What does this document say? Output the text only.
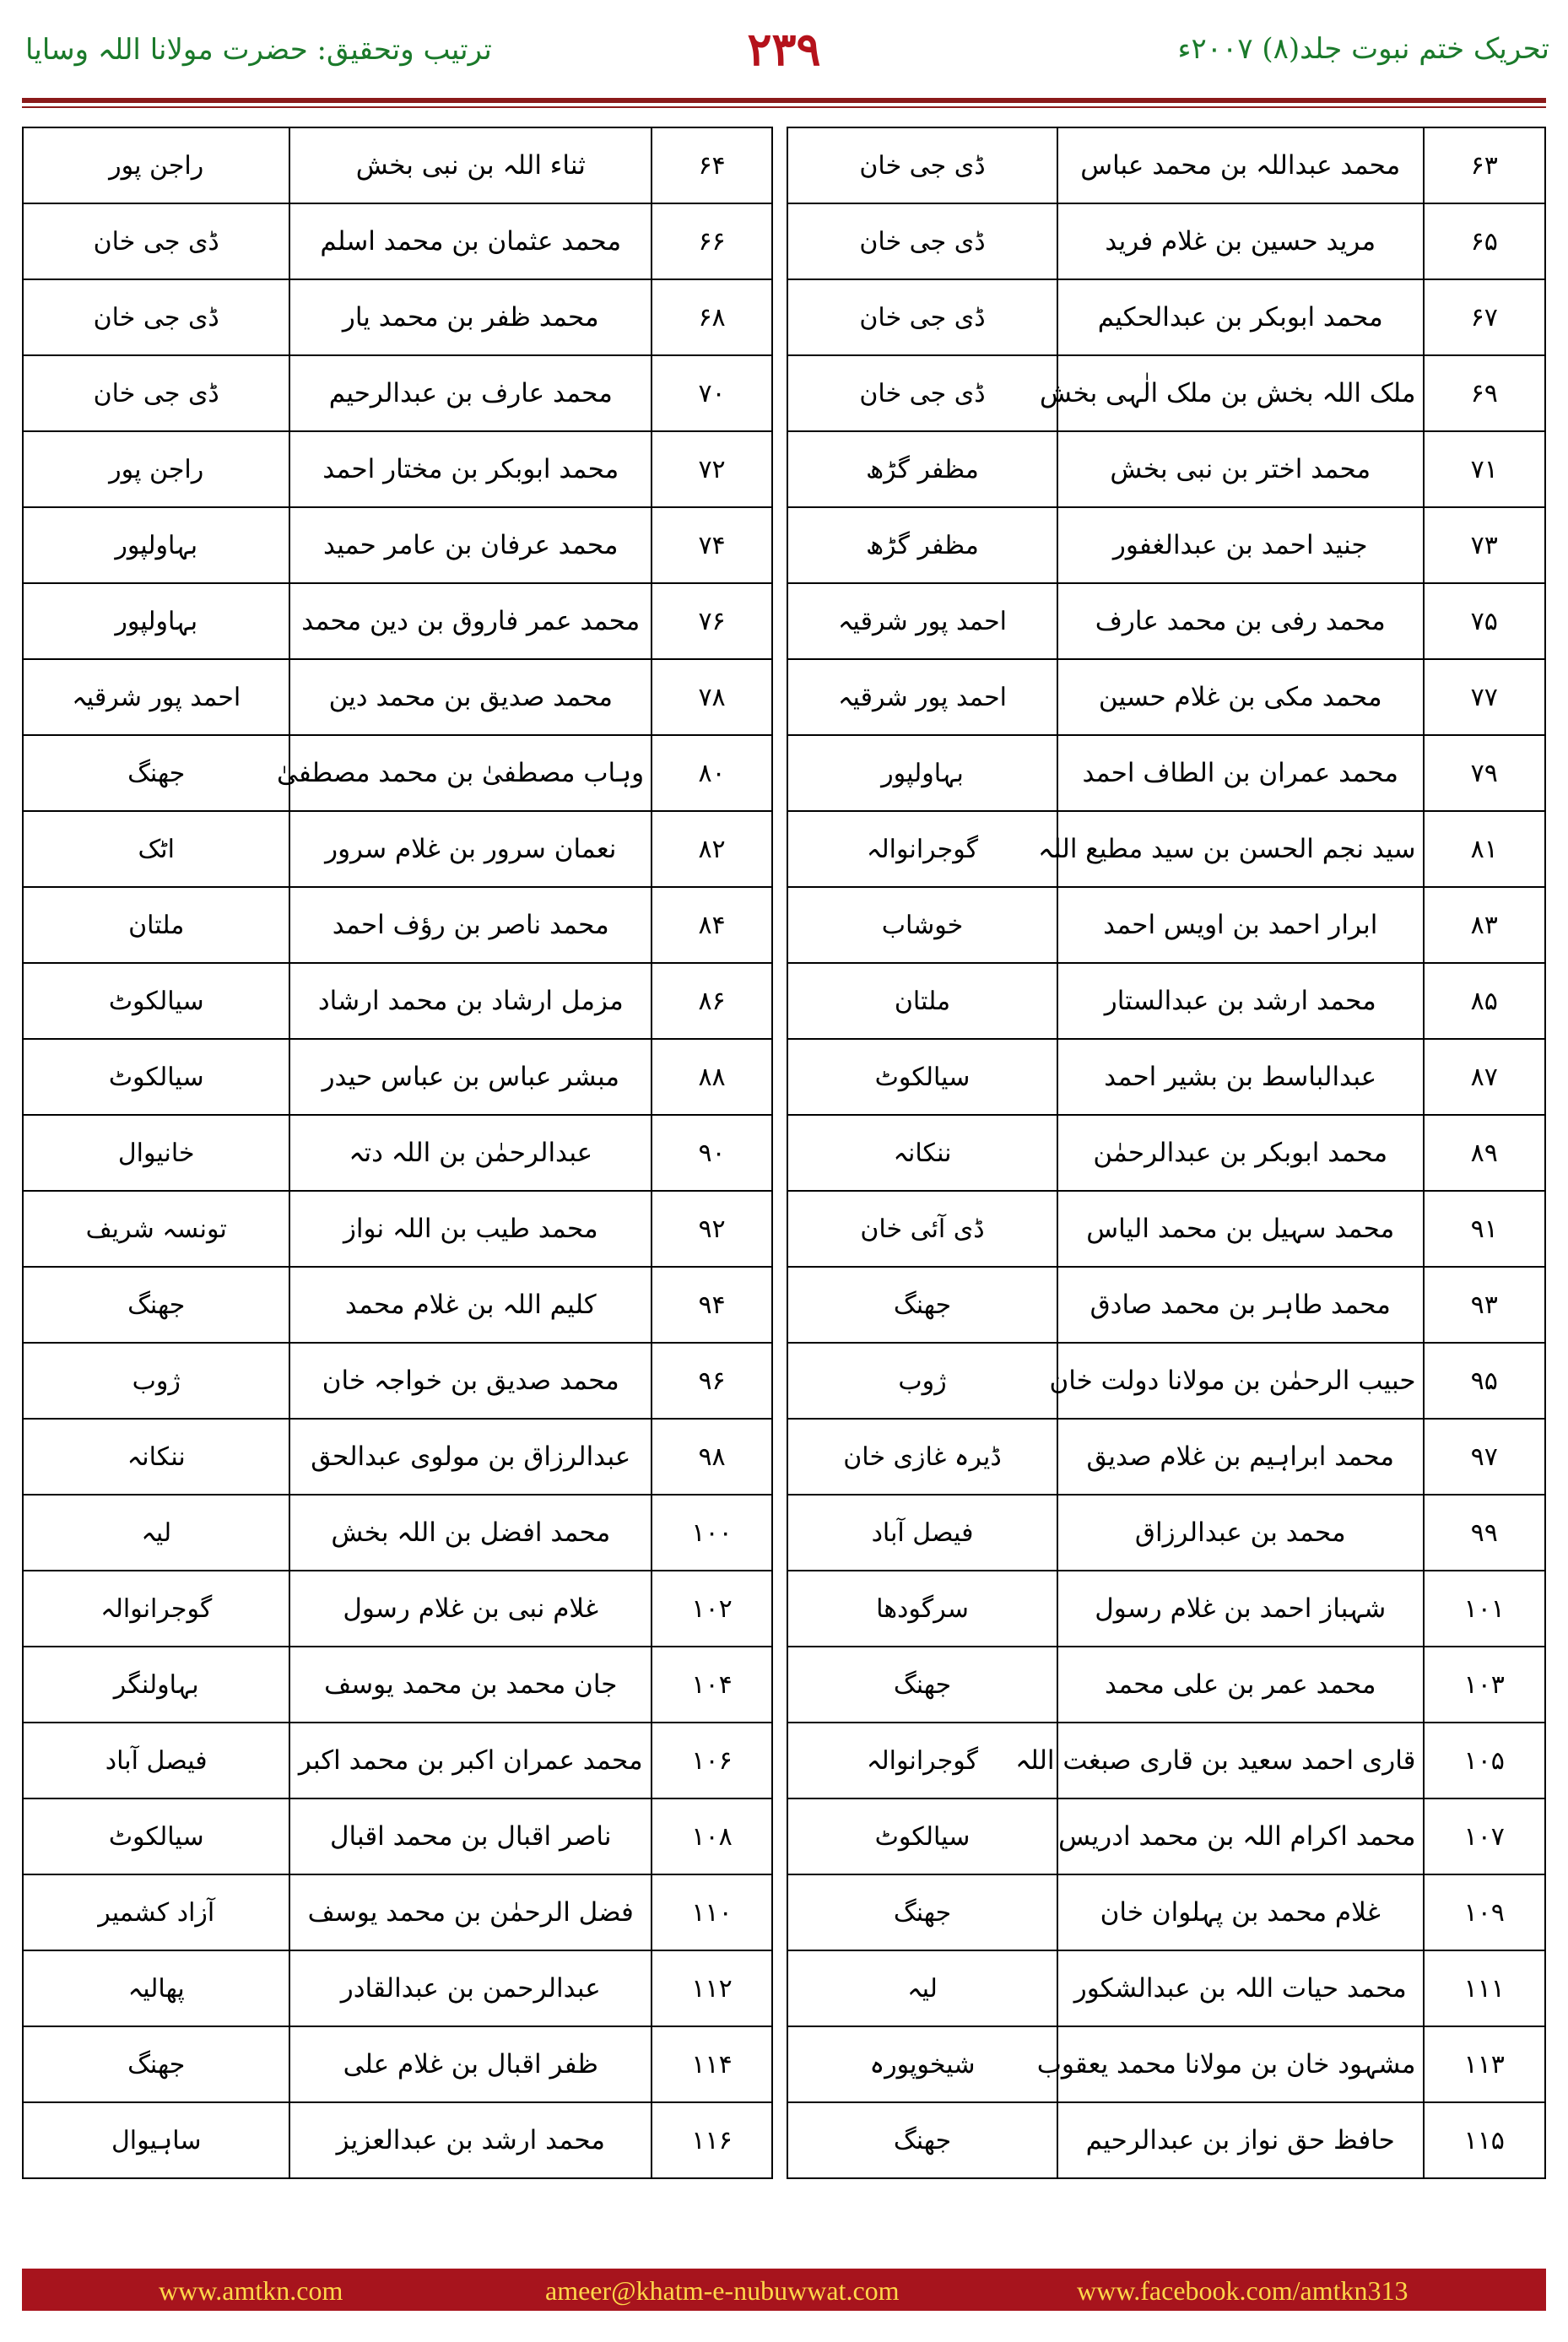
تحریک ختم نبوت جلد(۸) ۲۰۰۷ء
۲۳۹
ترتیب وتحقیق: حضرت مولانا اللہ وسایا
۶۳	محمد عبداللہ بن محمد عباس	ڈی جی خان
۶۵	مرید حسین بن غلام فرید	ڈی جی خان
۶۷	محمد ابوبکر بن عبدالحکیم	ڈی جی خان
۶۹	ملک اللہ بخش بن ملک الٰہی بخش	ڈی جی خان
۷۱	محمد اختر بن نبی بخش	مظفر گڑھ
۷۳	جنید احمد بن عبدالغفور	مظفر گڑھ
۷۵	محمد رفی بن محمد عارف	احمد پور شرقیہ
۷۷	محمد مکی بن غلام حسین	احمد پور شرقیہ
۷۹	محمد عمران بن الطاف احمد	بہاولپور
۸۱	سید نجم الحسن بن سید مطیع اللہ	گوجرانوالہ
۸۳	ابرار احمد بن اویس احمد	خوشاب
۸۵	محمد ارشد بن عبدالستار	ملتان
۸۷	عبدالباسط بن بشیر احمد	سیالکوٹ
۸۹	محمد ابوبکر بن عبدالرحمٰن	ننکانہ
۹۱	محمد سہیل بن محمد الیاس	ڈی آئی خان
۹۳	محمد طاہر بن محمد صادق	جھنگ
۹۵	حبیب الرحمٰن بن مولانا دولت خان	ژوب
۹۷	محمد ابراہیم بن غلام صدیق	ڈیرہ غازی خان
۹۹	محمد بن عبدالرزاق	فیصل آباد
۱۰۱	شہباز احمد بن غلام رسول	سرگودھا
۱۰۳	محمد عمر بن علی محمد	جھنگ
۱۰۵	قاری احمد سعید بن قاری صبغت اللہ	گوجرانوالہ
۱۰۷	محمد اکرام اللہ بن محمد ادریس	سیالکوٹ
۱۰۹	غلام محمد بن پہلوان خان	جھنگ
۱۱۱	محمد حیات اللہ بن عبدالشکور	لیہ
۱۱۳	مشہود خان بن مولانا محمد یعقوب	شیخوپورہ
۱۱۵	حافظ حق نواز بن عبدالرحیم	جھنگ
۶۴	ثناء اللہ بن نبی بخش	راجن پور
۶۶	محمد عثمان بن محمد اسلم	ڈی جی خان
۶۸	محمد ظفر بن محمد یار	ڈی جی خان
۷۰	محمد عارف بن عبدالرحیم	ڈی جی خان
۷۲	محمد ابوبکر بن مختار احمد	راجن پور
۷۴	محمد عرفان بن عامر حمید	بہاولپور
۷۶	محمد عمر فاروق بن دین محمد	بہاولپور
۷۸	محمد صدیق بن محمد دین	احمد پور شرقیہ
۸۰	وہاب مصطفیٰ بن محمد مصطفیٰ	جھنگ
۸۲	نعمان سرور بن غلام سرور	اٹک
۸۴	محمد ناصر بن رؤف احمد	ملتان
۸۶	مزمل ارشاد بن محمد ارشاد	سیالکوٹ
۸۸	مبشر عباس بن عباس حیدر	سیالکوٹ
۹۰	عبدالرحمٰن بن اللہ دتہ	خانیوال
۹۲	محمد طیب بن اللہ نواز	تونسہ شریف
۹۴	کلیم اللہ بن غلام محمد	جھنگ
۹۶	محمد صدیق بن خواجہ خان	ژوب
۹۸	عبدالرزاق بن مولوی عبدالحق	ننکانہ
۱۰۰	محمد افضل بن اللہ بخش	لیہ
۱۰۲	غلام نبی بن غلام رسول	گوجرانوالہ
۱۰۴	جان محمد بن محمد یوسف	بہاولنگر
۱۰۶	محمد عمران اکبر بن محمد اکبر	فیصل آباد
۱۰۸	ناصر اقبال بن محمد اقبال	سیالکوٹ
۱۱۰	فضل الرحمٰن بن محمد یوسف	آزاد کشمیر
۱۱۲	عبدالرحمن بن عبدالقادر	پھالیہ
۱۱۴	ظفر اقبال بن غلام علی	جھنگ
۱۱۶	محمد ارشد بن عبدالعزیز	ساہیوال
www.amtkn.com	ameer@khatm-e-nubuwwat.com	www.facebook.com/amtkn313
